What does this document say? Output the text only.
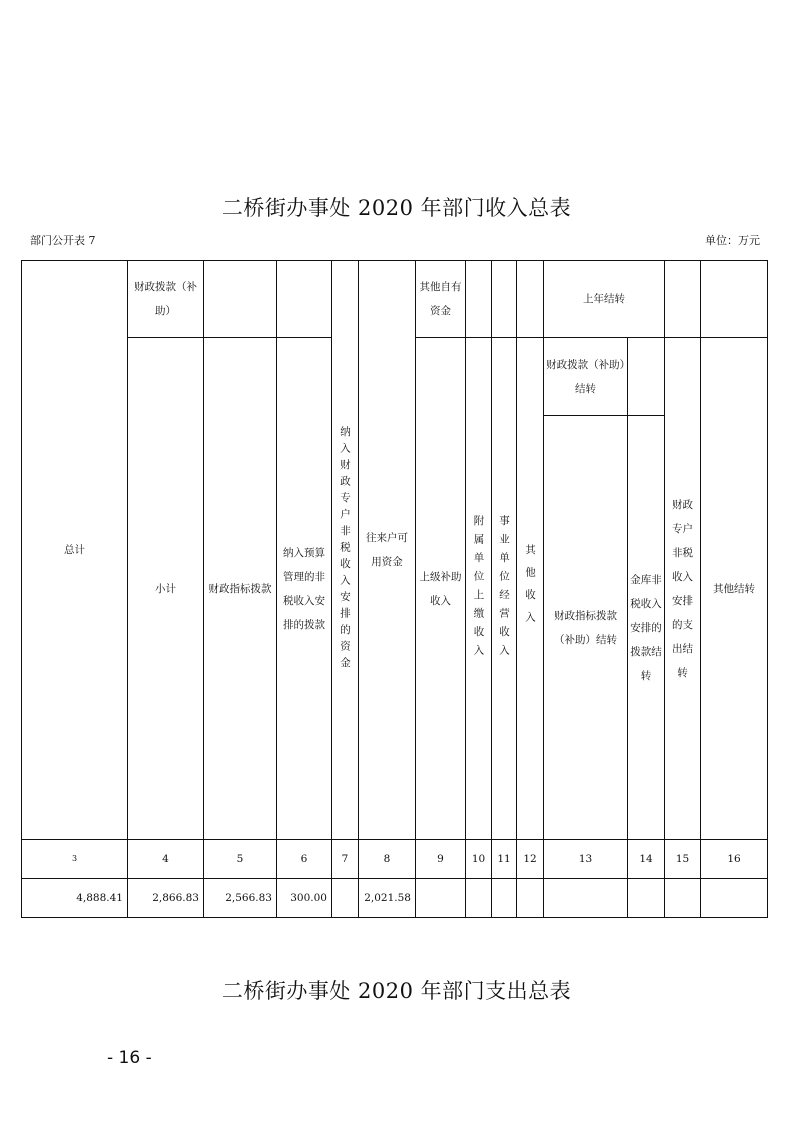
二桥街办事处 2020 年部门收入总表
部门公开表 7	单位：万元
总计	财政拨款（补助）			纳入财政专户非税收入安排的资金	往来户可用资金	其他自有资金				上年结转			
	小计	财政指标拨款	纳入预算管理的非税收入安排的拨款			上级补助收入	附属单位上缴收入	事业单位经营收入	其他收入	财政拨款（补助）结转		财政专户非税收入安排的支出结转	其他结转
										财政指标拨款（补助）结转	金库非税收入安排的拨款结转		
3	4	5	6	7	8	9	10	11	12	13	14	15	16
4,888.41	2,866.83	2,566.83	300.00		2,021.58								
二桥街办事处 2020 年部门支出总表
- 16 -
